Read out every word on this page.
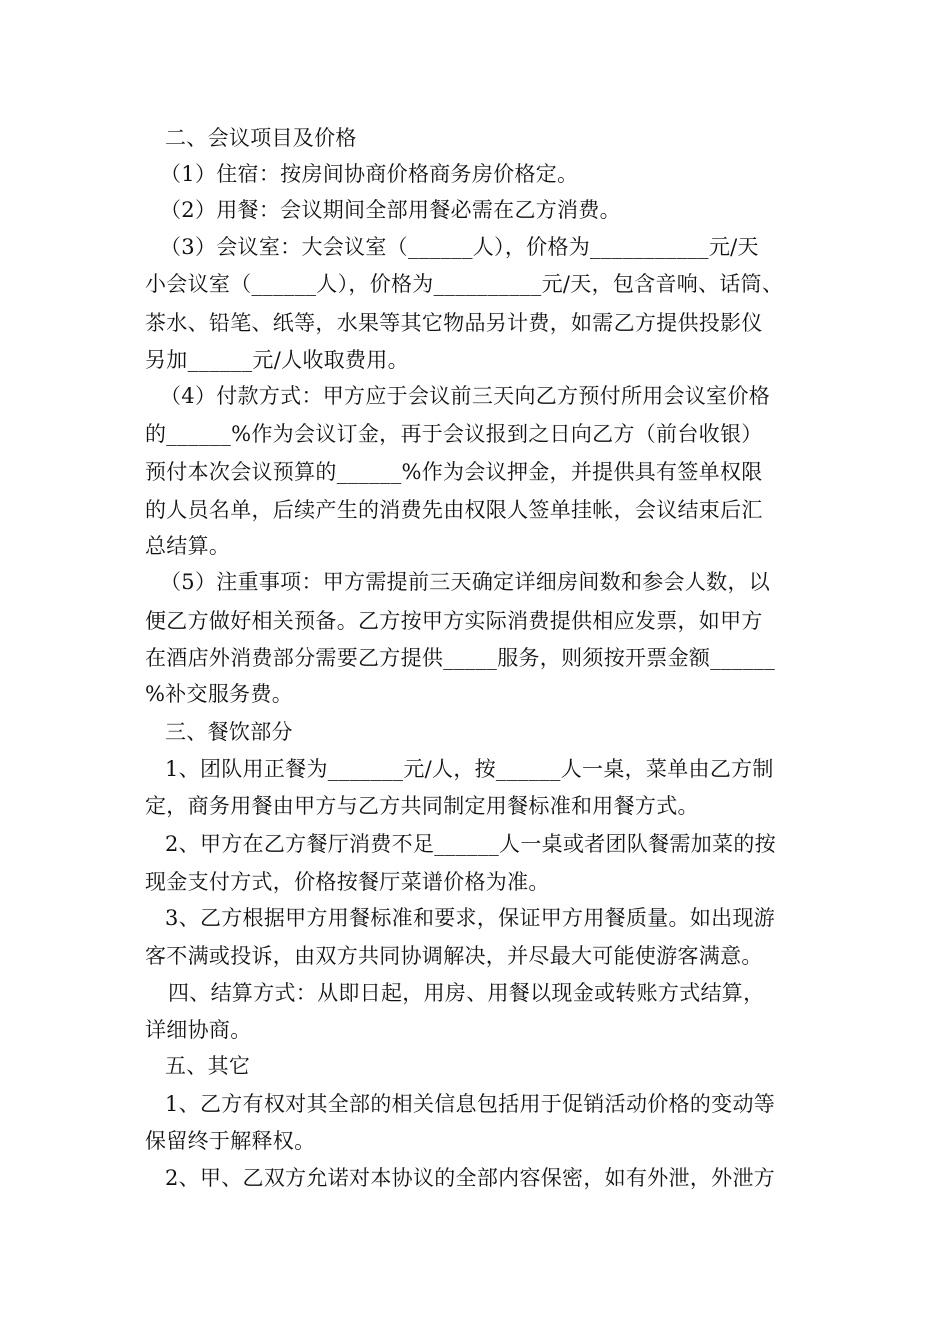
二、会议项目及价格
（1）住宿：按房间协商价格商务房价格定。
（2）用餐：会议期间全部用餐必需在乙方消费。
（3）会议室：大会议室（______人），价格为___________元/天
小会议室（______人），价格为__________元/天，包含音响、话筒、
茶水、铅笔、纸等，水果等其它物品另计费，如需乙方提供投影仪
另加______元/人收取费用。
（4）付款方式：甲方应于会议前三天向乙方预付所用会议室价格
的______%作为会议订金，再于会议报到之日向乙方（前台收银）
预付本次会议预算的______%作为会议押金，并提供具有签单权限
的人员名单，后续产生的消费先由权限人签单挂帐，会议结束后汇
总结算。
（5）注重事项：甲方需提前三天确定详细房间数和参会人数，以
便乙方做好相关预备。乙方按甲方实际消费提供相应发票，如甲方
在酒店外消费部分需要乙方提供_____服务，则须按开票金额______
%补交服务费。
三、餐饮部分
1、团队用正餐为_______元/人，按______人一桌，菜单由乙方制
定，商务用餐由甲方与乙方共同制定用餐标准和用餐方式。
2、甲方在乙方餐厅消费不足______人一桌或者团队餐需加菜的按
现金支付方式，价格按餐厅菜谱价格为准。
3、乙方根据甲方用餐标准和要求，保证甲方用餐质量。如出现游
客不满或投诉，由双方共同协调解决，并尽最大可能使游客满意。
四、结算方式：从即日起，用房、用餐以现金或转账方式结算，
详细协商。
五、其它
1、乙方有权对其全部的相关信息包括用于促销活动价格的变动等
保留终于解释权。
2、甲、乙双方允诺对本协议的全部内容保密，如有外泄，外泄方
